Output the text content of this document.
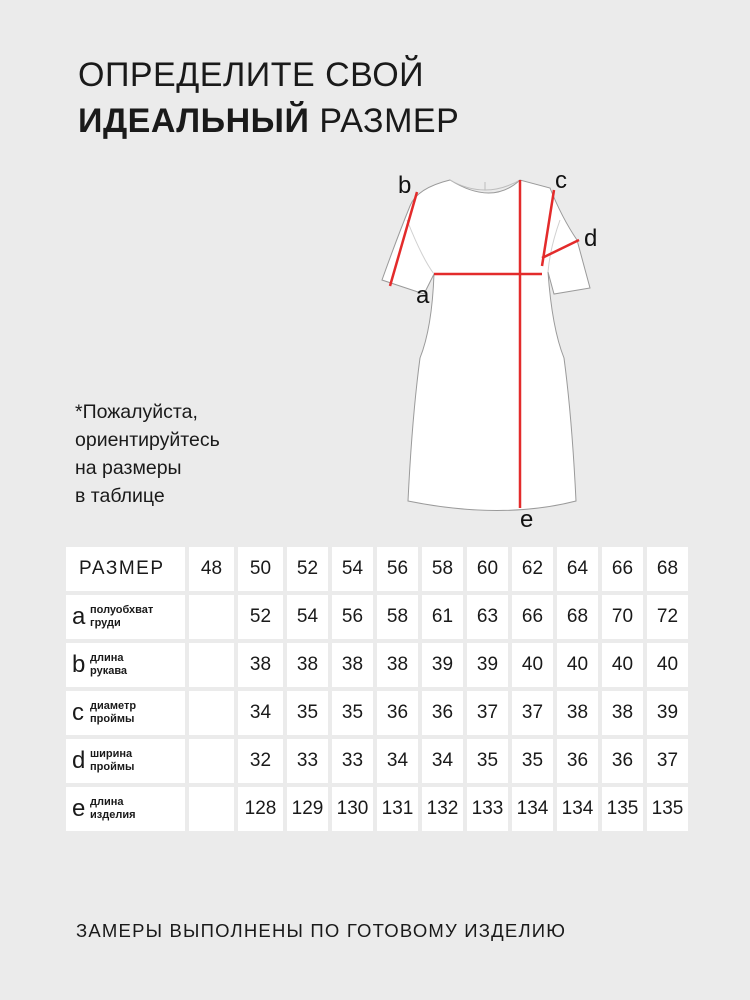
ОПРЕДЕЛИТЕ СВОЙ
ИДЕАЛЬНЫЙ РАЗМЕР
b	c
d
a
e
*Пожалуйста,
ориентируйтесь
на размеры
в таблице
РАЗМЕР	48	50	52	54	56	58	60	62	64	66	68
a полуобхват
груди		52	54	56	58	61	63	66	68	70	72
b длина
рукава		38	38	38	38	39	39	40	40	40	40
c диаметр
проймы		34	35	35	36	36	37	37	38	38	39
d ширина
проймы		32	33	33	34	34	35	35	36	36	37
e длина
изделия		128	129	130	131	132	133	134	134	135	135
ЗАМЕРЫ ВЫПОЛНЕНЫ ПО ГОТОВОМУ ИЗДЕЛИЮ
